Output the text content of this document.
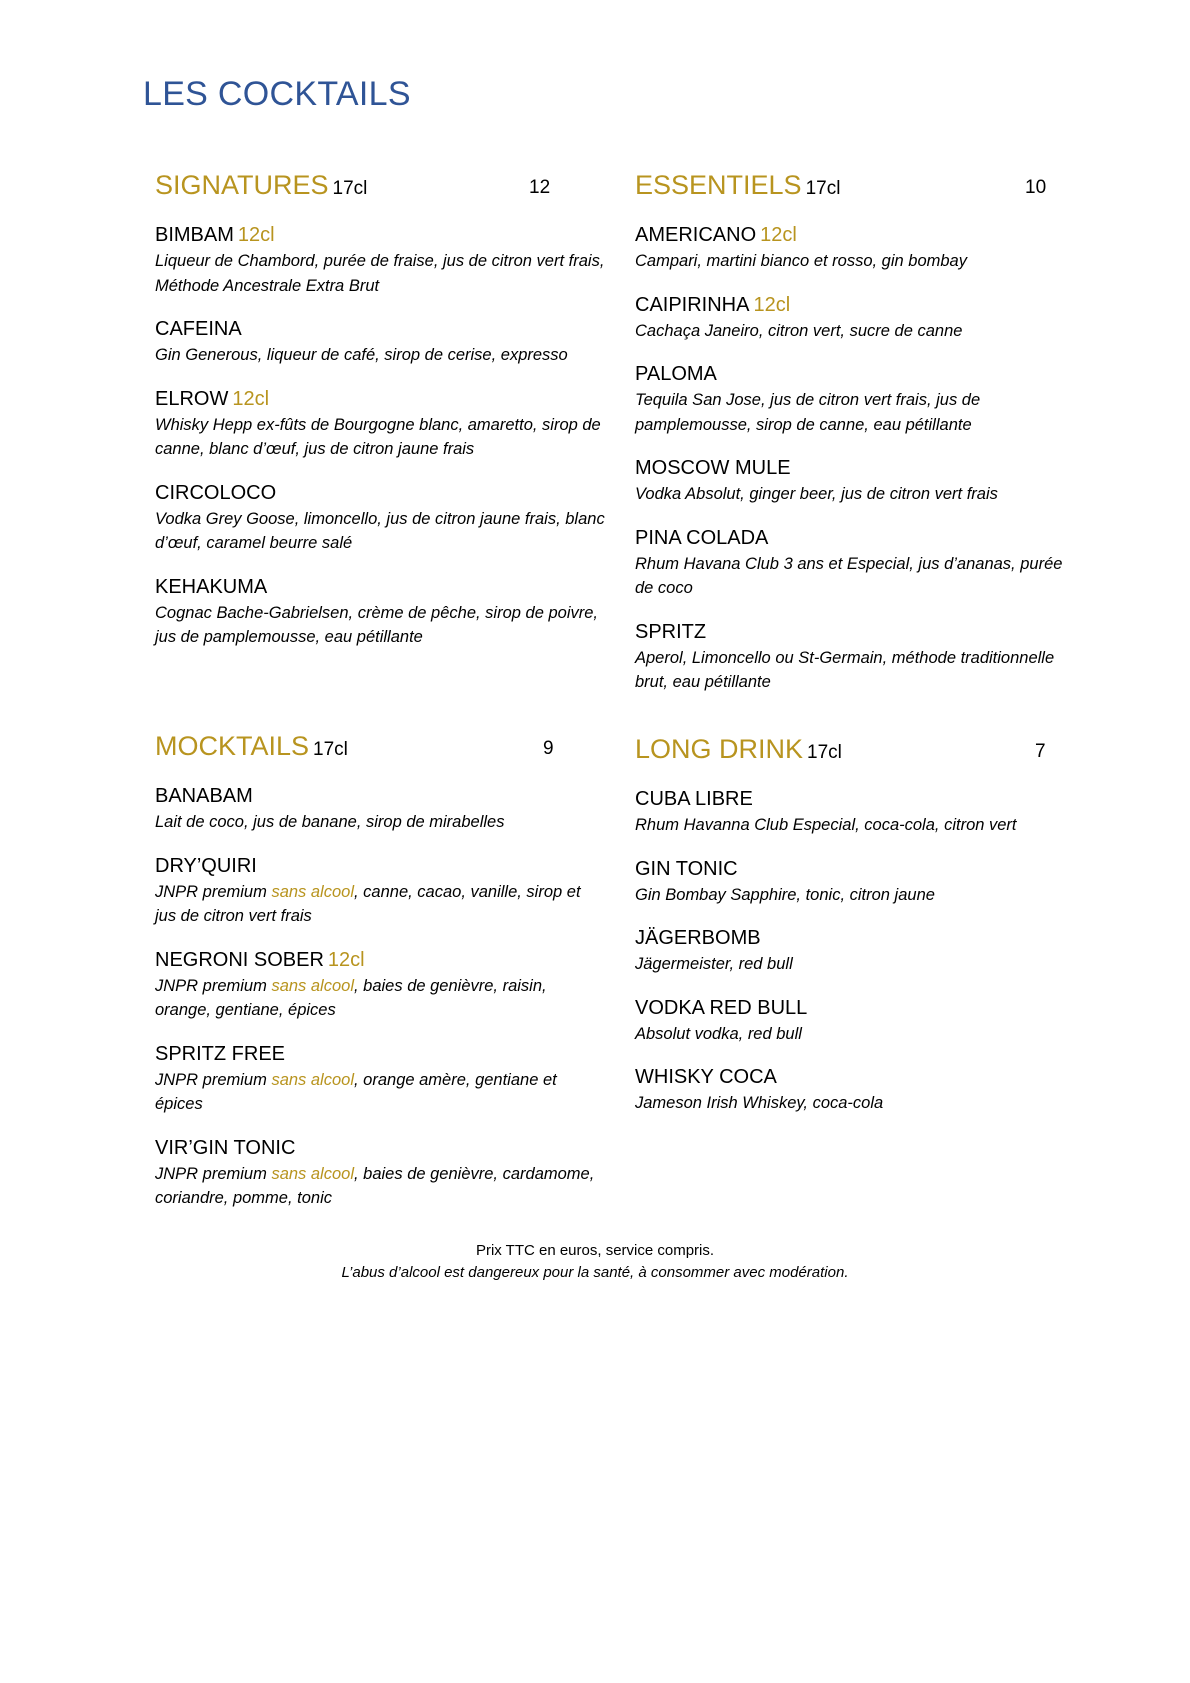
LES COCKTAILS
SIGNATURES 17cl	12
BIMBAM 12cl
Liqueur de Chambord, purée de fraise, jus de citron vert frais, Méthode Ancestrale Extra Brut
CAFEINA
Gin Generous, liqueur de café, sirop de cerise, expresso
ELROW 12cl
Whisky Hepp ex-fûts de Bourgogne blanc, amaretto, sirop de canne, blanc d’œuf, jus de citron jaune frais
CIRCOLOCO
Vodka Grey Goose, limoncello, jus de citron jaune frais, blanc d’œuf, caramel beurre salé
KEHAKUMA
Cognac Bache-Gabrielsen, crème de pêche, sirop de poivre, jus de pamplemousse, eau pétillante
ESSENTIELS 17cl	10
AMERICANO 12cl
Campari, martini bianco et rosso, gin bombay
CAIPIRINHA 12cl
Cachaça Janeiro, citron vert, sucre de canne
PALOMA
Tequila San Jose, jus de citron vert frais, jus de pamplemousse, sirop de canne, eau pétillante
MOSCOW MULE
Vodka Absolut, ginger beer, jus de citron vert frais
PINA COLADA
Rhum Havana Club 3 ans et Especial, jus d’ananas, purée de coco
SPRITZ
Aperol, Limoncello ou St-Germain, méthode traditionnelle brut, eau pétillante
MOCKTAILS 17cl	9
BANABAM
Lait de coco, jus de banane, sirop de mirabelles
DRY’QUIRI
JNPR premium sans alcool, canne, cacao, vanille, sirop et jus de citron vert frais
NEGRONI SOBER 12cl
JNPR premium sans alcool, baies de genièvre, raisin, orange, gentiane, épices
SPRITZ FREE
JNPR premium sans alcool, orange amère, gentiane et épices
VIR’GIN TONIC
JNPR premium sans alcool, baies de genièvre, cardamome, coriandre, pomme, tonic
LONG DRINK 17cl	7
CUBA LIBRE
Rhum Havanna Club Especial, coca-cola, citron vert
GIN TONIC
Gin Bombay Sapphire, tonic, citron jaune
JÄGERBOMB
Jägermeister, red bull
VODKA RED BULL
Absolut vodka, red bull
WHISKY COCA
Jameson Irish Whiskey, coca-cola
Prix TTC en euros, service compris.
L’abus d’alcool est dangereux pour la santé, à consommer avec modération.
